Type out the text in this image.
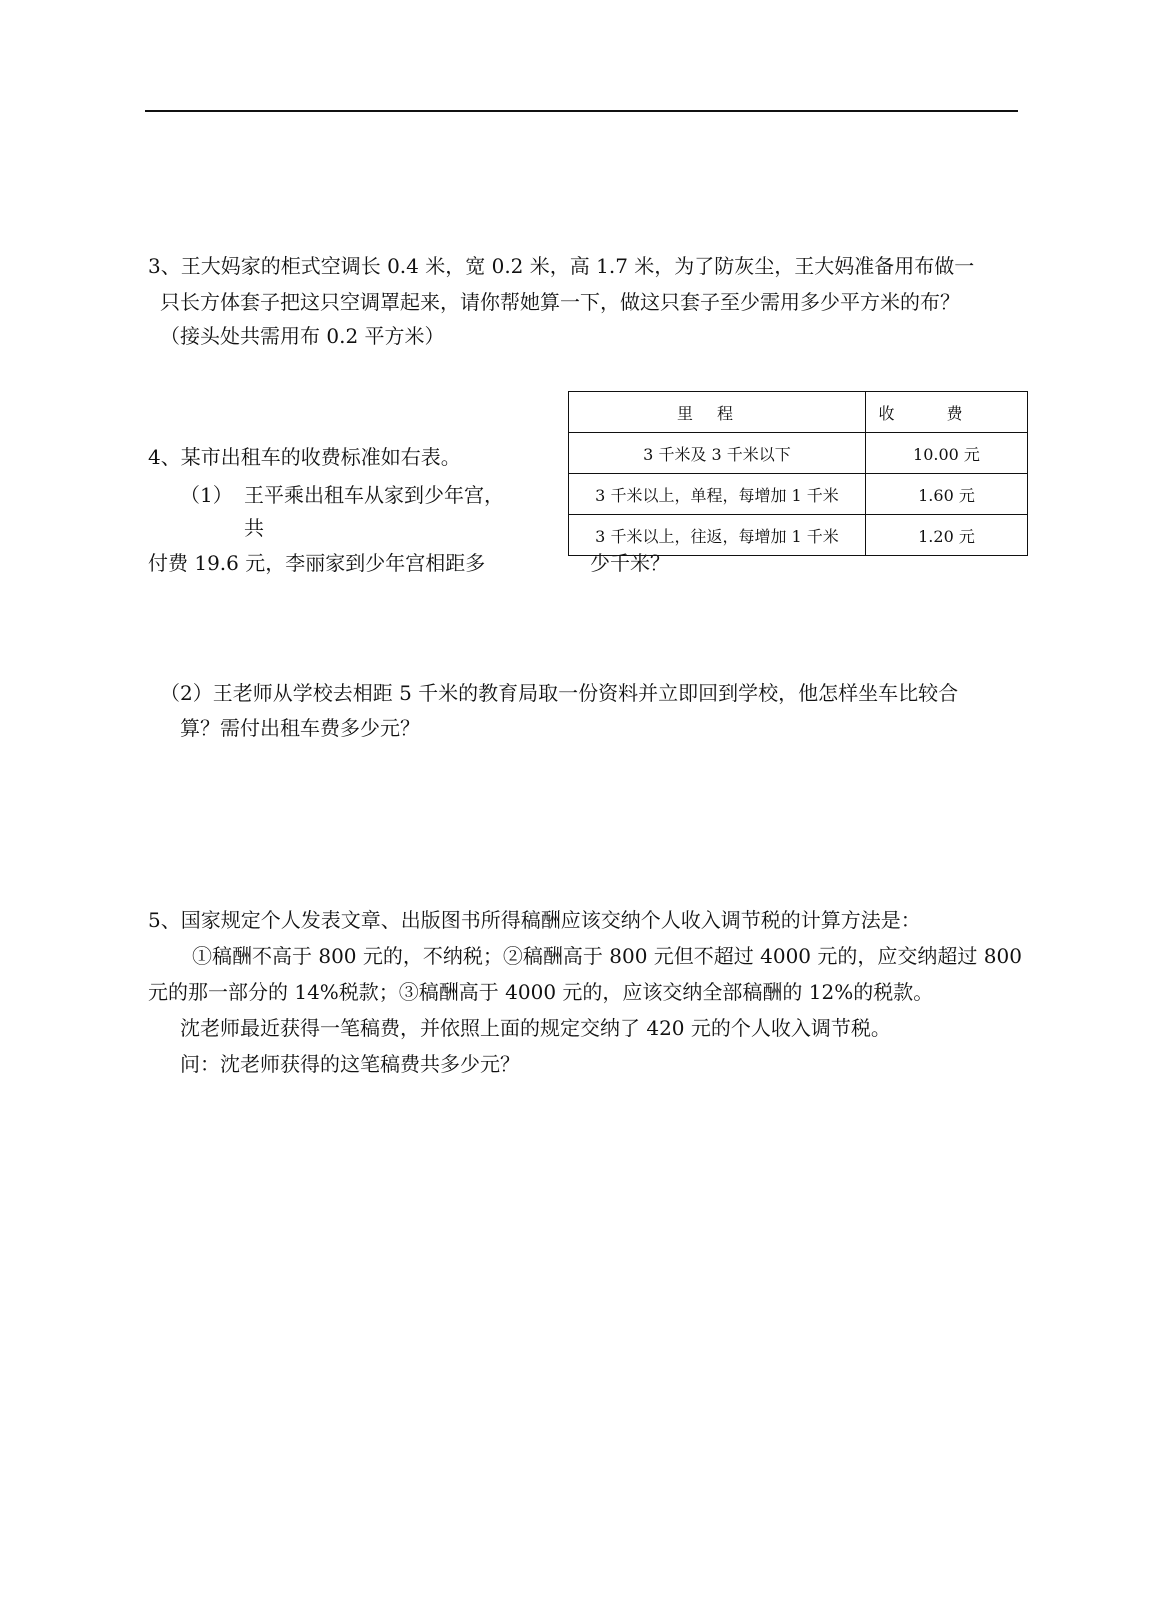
3、王大妈家的柜式空调长 0.4 米，宽 0.2 米，高 1.7 米，为了防灰尘，王大妈准备用布做一
只长方体套子把这只空调罩起来，请你帮她算一下，做这只套子至少需用多少平方米的布？
（接头处共需用布 0.2 平方米）
4、某市出租车的收费标准如右表。
（1） 王平乘出租车从家到少年宫，
共
付费 19.6 元，李丽家到少年宫相距多	少千米？
里程	收费
3 千米及 3 千米以下	10.00 元
3 千米以上，单程，每增加 1 千米	1.60 元
3 千米以上，往返，每增加 1 千米	1.20 元
（2）王老师从学校去相距 5 千米的教育局取一份资料并立即回到学校，他怎样坐车比较合
算？需付出租车费多少元？
5、国家规定个人发表文章、出版图书所得稿酬应该交纳个人收入调节税的计算方法是：
①稿酬不高于 800 元的，不纳税；②稿酬高于 800 元但不超过 4000 元的，应交纳超过 800
元的那一部分的 14%税款；③稿酬高于 4000 元的，应该交纳全部稿酬的 12%的税款。
沈老师最近获得一笔稿费，并依照上面的规定交纳了 420 元的个人收入调节税。
问：沈老师获得的这笔稿费共多少元？
